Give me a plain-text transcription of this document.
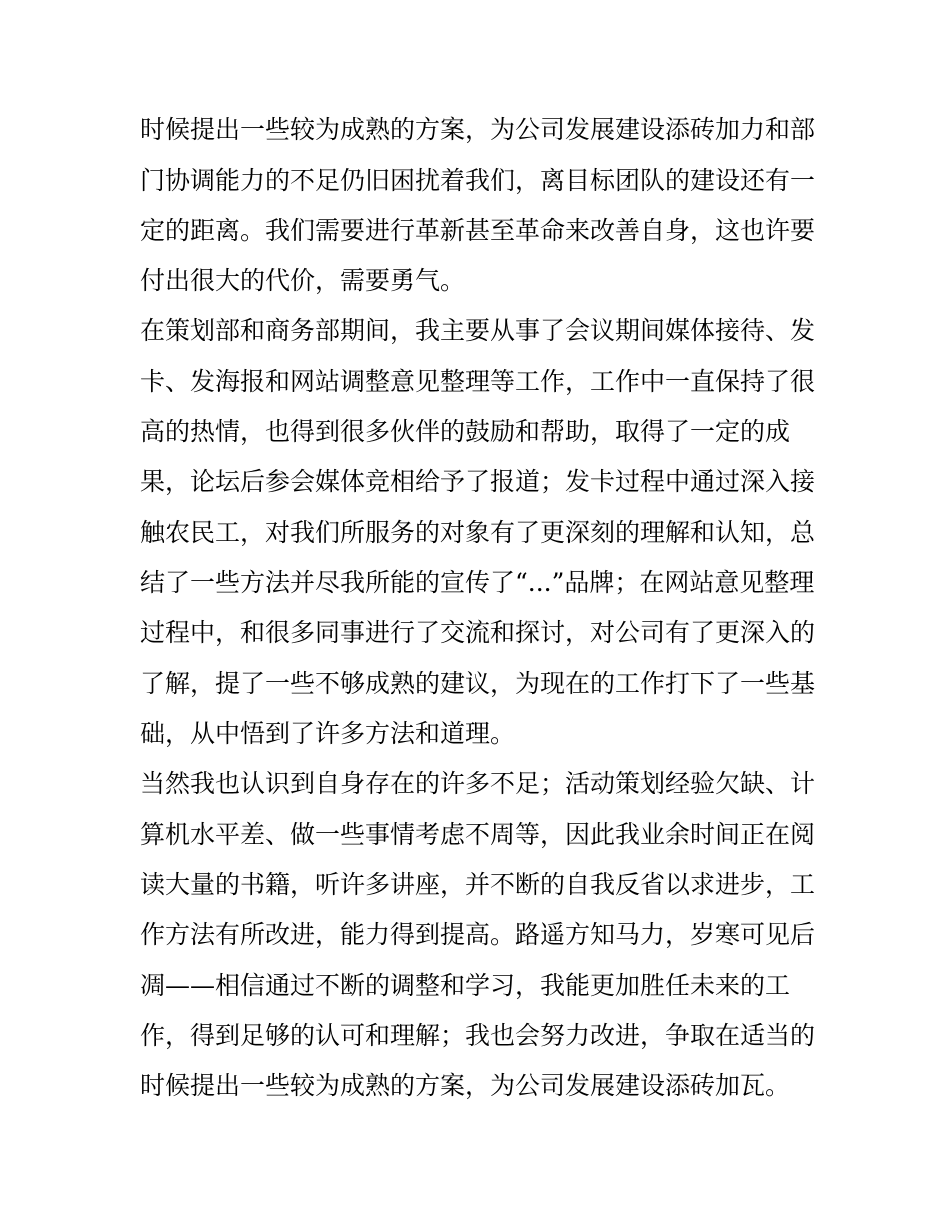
时候提出一些较为成熟的方案，为公司发展建设添砖加力和部
门协调能力的不足仍旧困扰着我们，离目标团队的建设还有一
定的距离。我们需要进行革新甚至革命来改善自身，这也许要
付出很大的代价，需要勇气。
在策划部和商务部期间，我主要从事了会议期间媒体接待、发
卡、发海报和网站调整意见整理等工作，工作中一直保持了很
高的热情，也得到很多伙伴的鼓励和帮助，取得了一定的成
果，论坛后参会媒体竞相给予了报道；发卡过程中通过深入接
触农民工，对我们所服务的对象有了更深刻的理解和认知，总
结了一些方法并尽我所能的宣传了“...”品牌；在网站意见整理
过程中，和很多同事进行了交流和探讨，对公司有了更深入的
了解，提了一些不够成熟的建议，为现在的工作打下了一些基
础，从中悟到了许多方法和道理。
当然我也认识到自身存在的许多不足；活动策划经验欠缺、计
算机水平差、做一些事情考虑不周等，因此我业余时间正在阅
读大量的书籍，听许多讲座，并不断的自我反省以求进步，工
作方法有所改进，能力得到提高。路遥方知马力，岁寒可见后
凋——相信通过不断的调整和学习，我能更加胜任未来的工
作，得到足够的认可和理解；我也会努力改进，争取在适当的
时候提出一些较为成熟的方案，为公司发展建设添砖加瓦。
